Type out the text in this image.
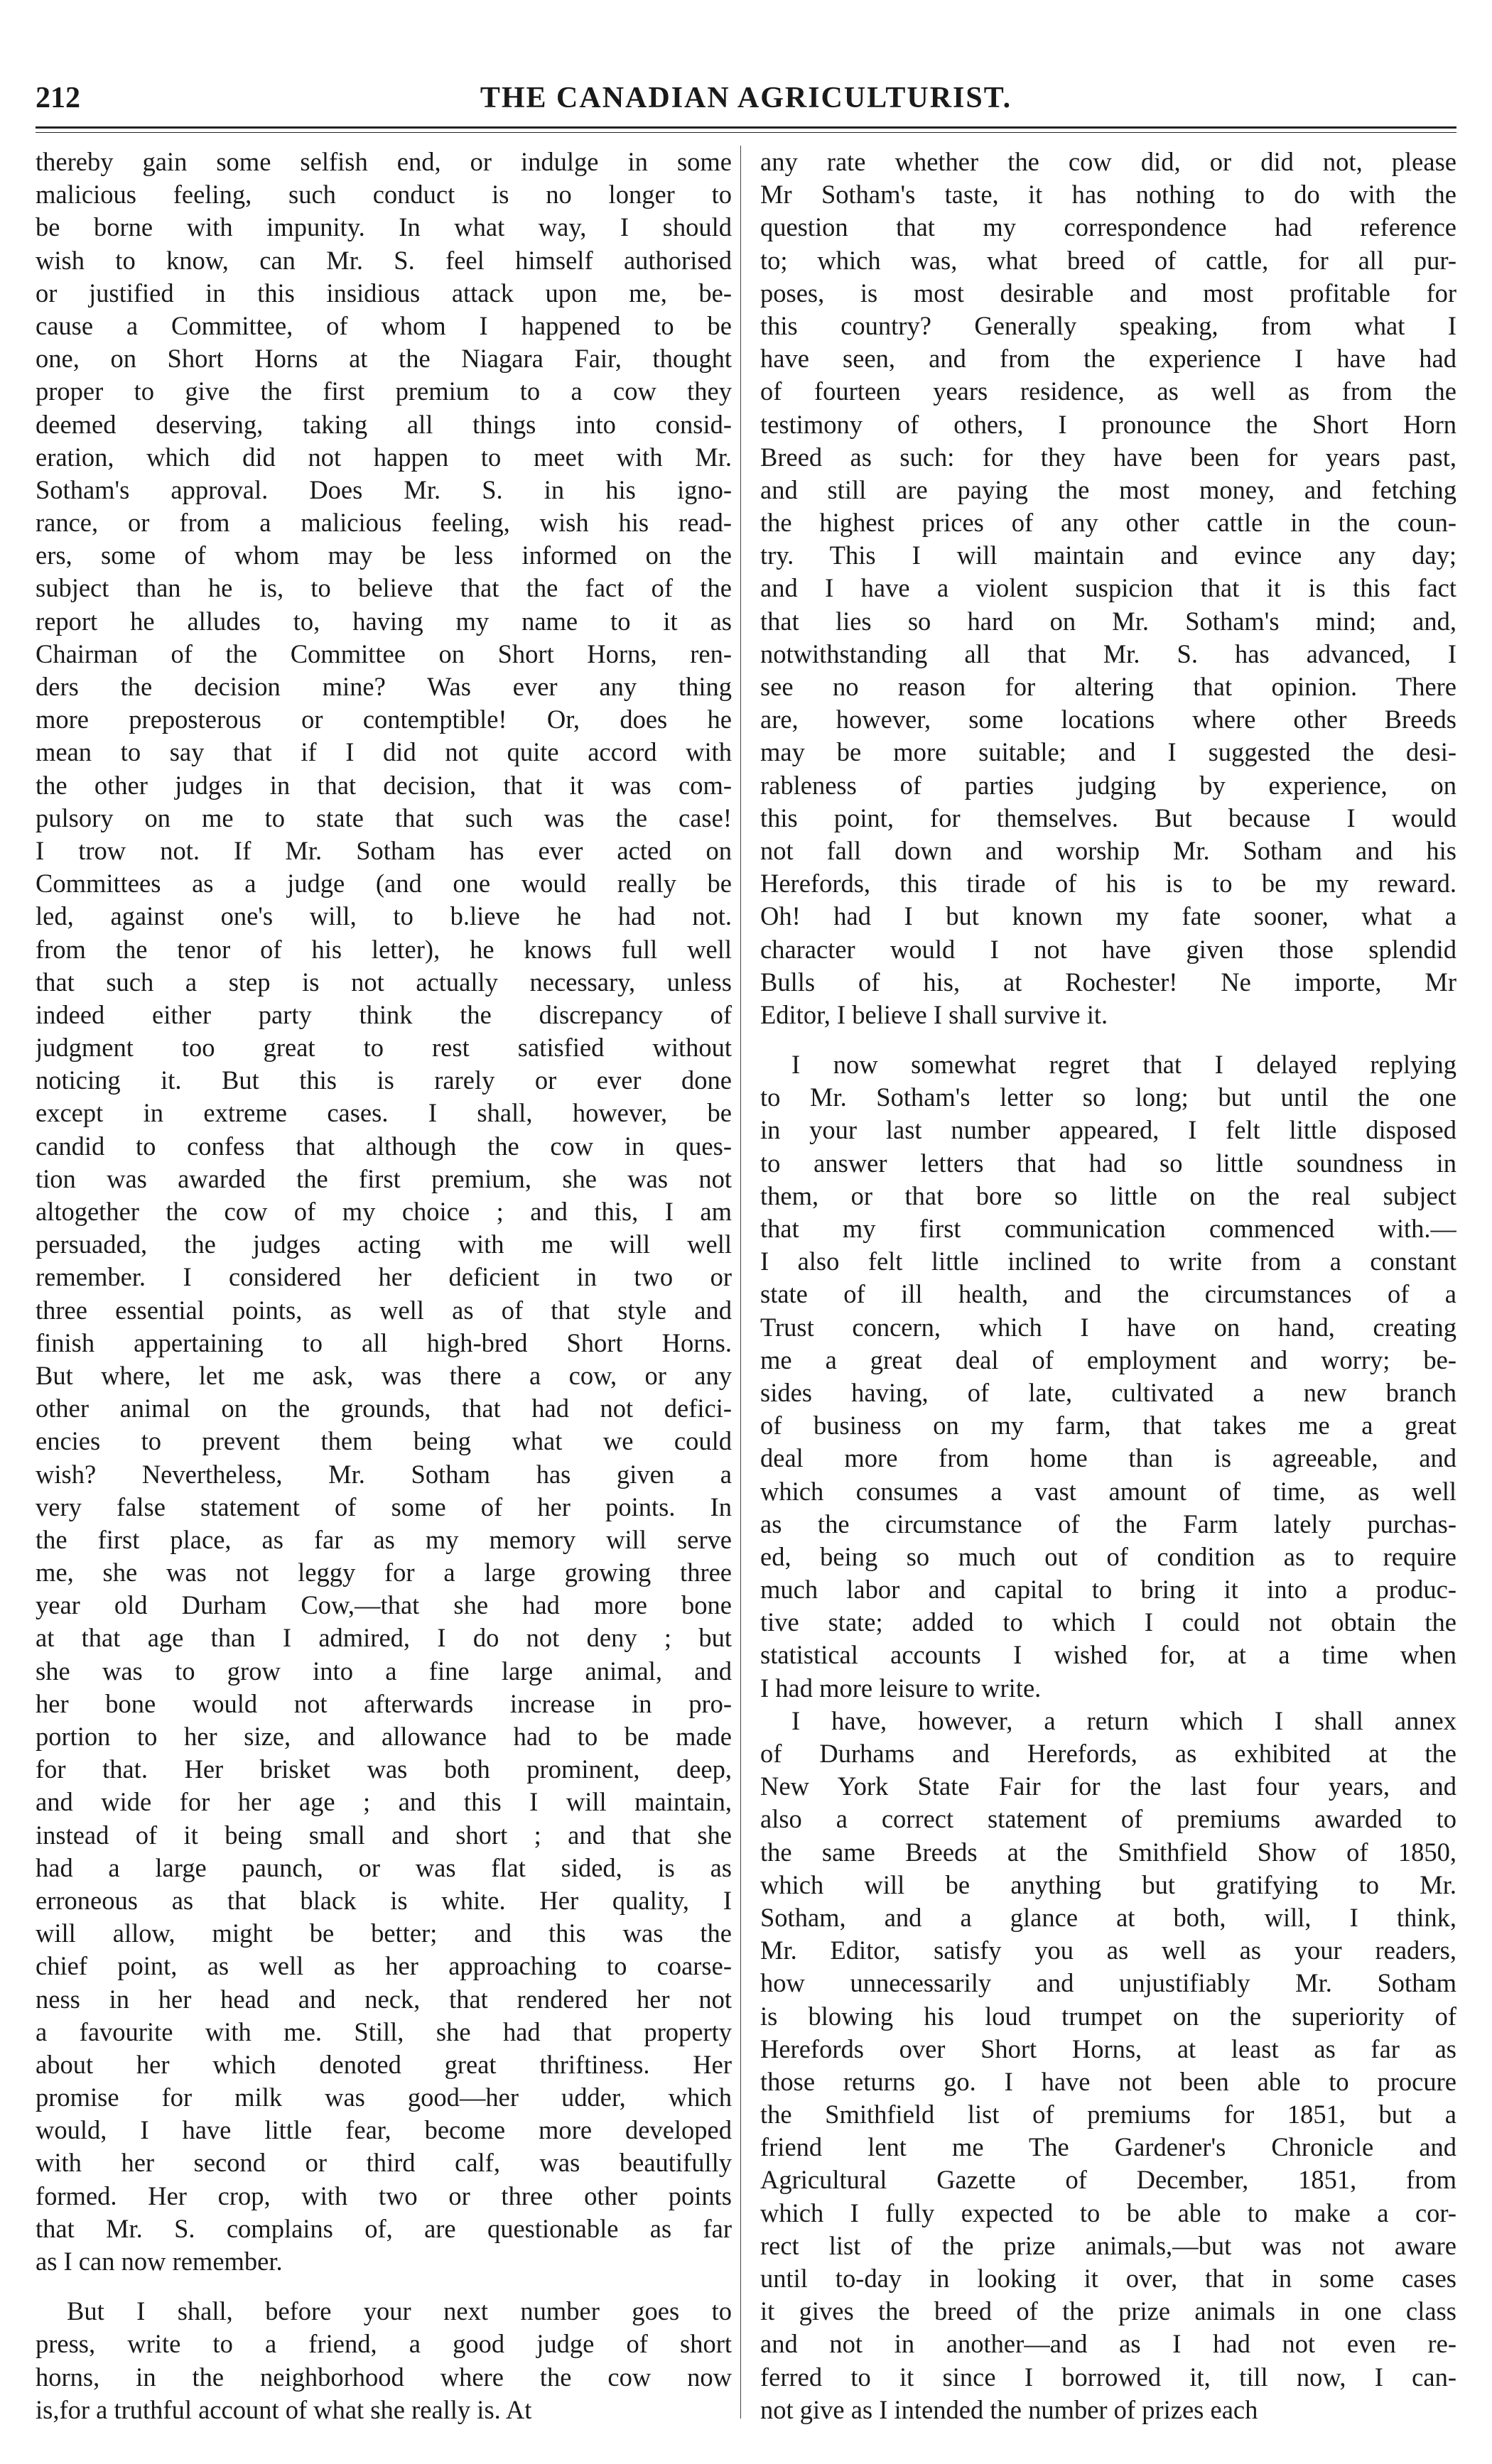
212	THE CANADIAN AGRICULTURIST.
thereby gain some selfish end, or indulge in some
malicious feeling, such conduct is no longer to
be borne with impunity. In what way, I should
wish to know, can Mr. S. feel himself authorised
or justified in this insidious attack upon me, be-
cause a Committee, of whom I happened to be
one, on Short Horns at the Niagara Fair, thought
proper to give the first premium to a cow they
deemed deserving, taking all things into consid-
eration, which did not happen to meet with Mr.
Sotham's approval. Does Mr. S. in his igno-
rance, or from a malicious feeling, wish his read-
ers, some of whom may be less informed on the
subject than he is, to believe that the fact of the
report he alludes to, having my name to it as
Chairman of the Committee on Short Horns, ren-
ders the decision mine? Was ever any thing
more preposterous or contemptible! Or, does he
mean to say that if I did not quite accord with
the other judges in that decision, that it was com-
pulsory on me to state that such was the case!
I trow not. If Mr. Sotham has ever acted on
Committees as a judge (and one would really be
led, against one's will, to b.lieve he had not.
from the tenor of his letter), he knows full well
that such a step is not actually necessary, unless
indeed either party think the discrepancy of
judgment too great to rest satisfied without
noticing it. But this is rarely or ever done
except in extreme cases. I shall, however, be
candid to confess that although the cow in ques-
tion was awarded the first premium, she was not
altogether the cow of my choice ; and this, I am
persuaded, the judges acting with me will well
remember. I considered her deficient in two or
three essential points, as well as of that style and
finish appertaining to all high-bred Short Horns.
But where, let me ask, was there a cow, or any
other animal on the grounds, that had not defici-
encies to prevent them being what we could
wish? Nevertheless, Mr. Sotham has given a
very false statement of some of her points. In
the first place, as far as my memory will serve
me, she was not leggy for a large growing three
year old Durham Cow,—that she had more bone
at that age than I admired, I do not deny ; but
she was to grow into a fine large animal, and
her bone would not afterwards increase in pro-
portion to her size, and allowance had to be made
for that. Her brisket was both prominent, deep,
and wide for her age ; and this I will maintain,
instead of it being small and short ; and that she
had a large paunch, or was flat sided, is as
erroneous as that black is white. Her quality, I
will allow, might be better; and this was the
chief point, as well as her approaching to coarse-
ness in her head and neck, that rendered her not
a favourite with me. Still, she had that property
about her which denoted great thriftiness. Her
promise for milk was good—her udder, which
would, I have little fear, become more developed
with her second or third calf, was beautifully
formed. Her crop, with two or three other points
that Mr. S. complains of, are questionable as far
as I can now remember.
But I shall, before your next number goes to
press, write to a friend, a good judge of short
horns, in the neighborhood where the cow now
is,for a truthful account of what she really is. At
any rate whether the cow did, or did not, please
Mr Sotham's taste, it has nothing to do with the
question that my correspondence had reference
to; which was, what breed of cattle, for all pur-
poses, is most desirable and most profitable for
this country? Generally speaking, from what I
have seen, and from the experience I have had
of fourteen years residence, as well as from the
testimony of others, I pronounce the Short Horn
Breed as such: for they have been for years past,
and still are paying the most money, and fetching
the highest prices of any other cattle in the coun-
try. This I will maintain and evince any day;
and I have a violent suspicion that it is this fact
that lies so hard on Mr. Sotham's mind; and,
notwithstanding all that Mr. S. has advanced, I
see no reason for altering that opinion. There
are, however, some locations where other Breeds
may be more suitable; and I suggested the desi-
rableness of parties judging by experience, on
this point, for themselves. But because I would
not fall down and worship Mr. Sotham and his
Herefords, this tirade of his is to be my reward.
Oh! had I but known my fate sooner, what a
character would I not have given those splendid
Bulls of his, at Rochester! Ne importe, Mr
Editor, I believe I shall survive it.
I now somewhat regret that I delayed replying
to Mr. Sotham's letter so long; but until the one
in your last number appeared, I felt little disposed
to answer letters that had so little soundness in
them, or that bore so little on the real subject
that my first communication commenced with.—
I also felt little inclined to write from a constant
state of ill health, and the circumstances of a
Trust concern, which I have on hand, creating
me a great deal of employment and worry; be-
sides having, of late, cultivated a new branch
of business on my farm, that takes me a great
deal more from home than is agreeable, and
which consumes a vast amount of time, as well
as the circumstance of the Farm lately purchas-
ed, being so much out of condition as to require
much labor and capital to bring it into a produc-
tive state; added to which I could not obtain the
statistical accounts I wished for, at a time when
I had more leisure to write.
I have, however, a return which I shall annex
of Durhams and Herefords, as exhibited at the
New York State Fair for the last four years, and
also a correct statement of premiums awarded to
the same Breeds at the Smithfield Show of 1850,
which will be anything but gratifying to Mr.
Sotham, and a glance at both, will, I think,
Mr. Editor, satisfy you as well as your readers,
how unnecessarily and unjustifiably Mr. Sotham
is blowing his loud trumpet on the superiority of
Herefords over Short Horns, at least as far as
those returns go. I have not been able to procure
the Smithfield list of premiums for 1851, but a
friend lent me The Gardener's Chronicle and
Agricultural Gazette of December, 1851, from
which I fully expected to be able to make a cor-
rect list of the prize animals,—but was not aware
until to-day in looking it over, that in some cases
it gives the breed of the prize animals in one class
and not in another—and as I had not even re-
ferred to it since I borrowed it, till now, I can-
not give as I intended the number of prizes each
